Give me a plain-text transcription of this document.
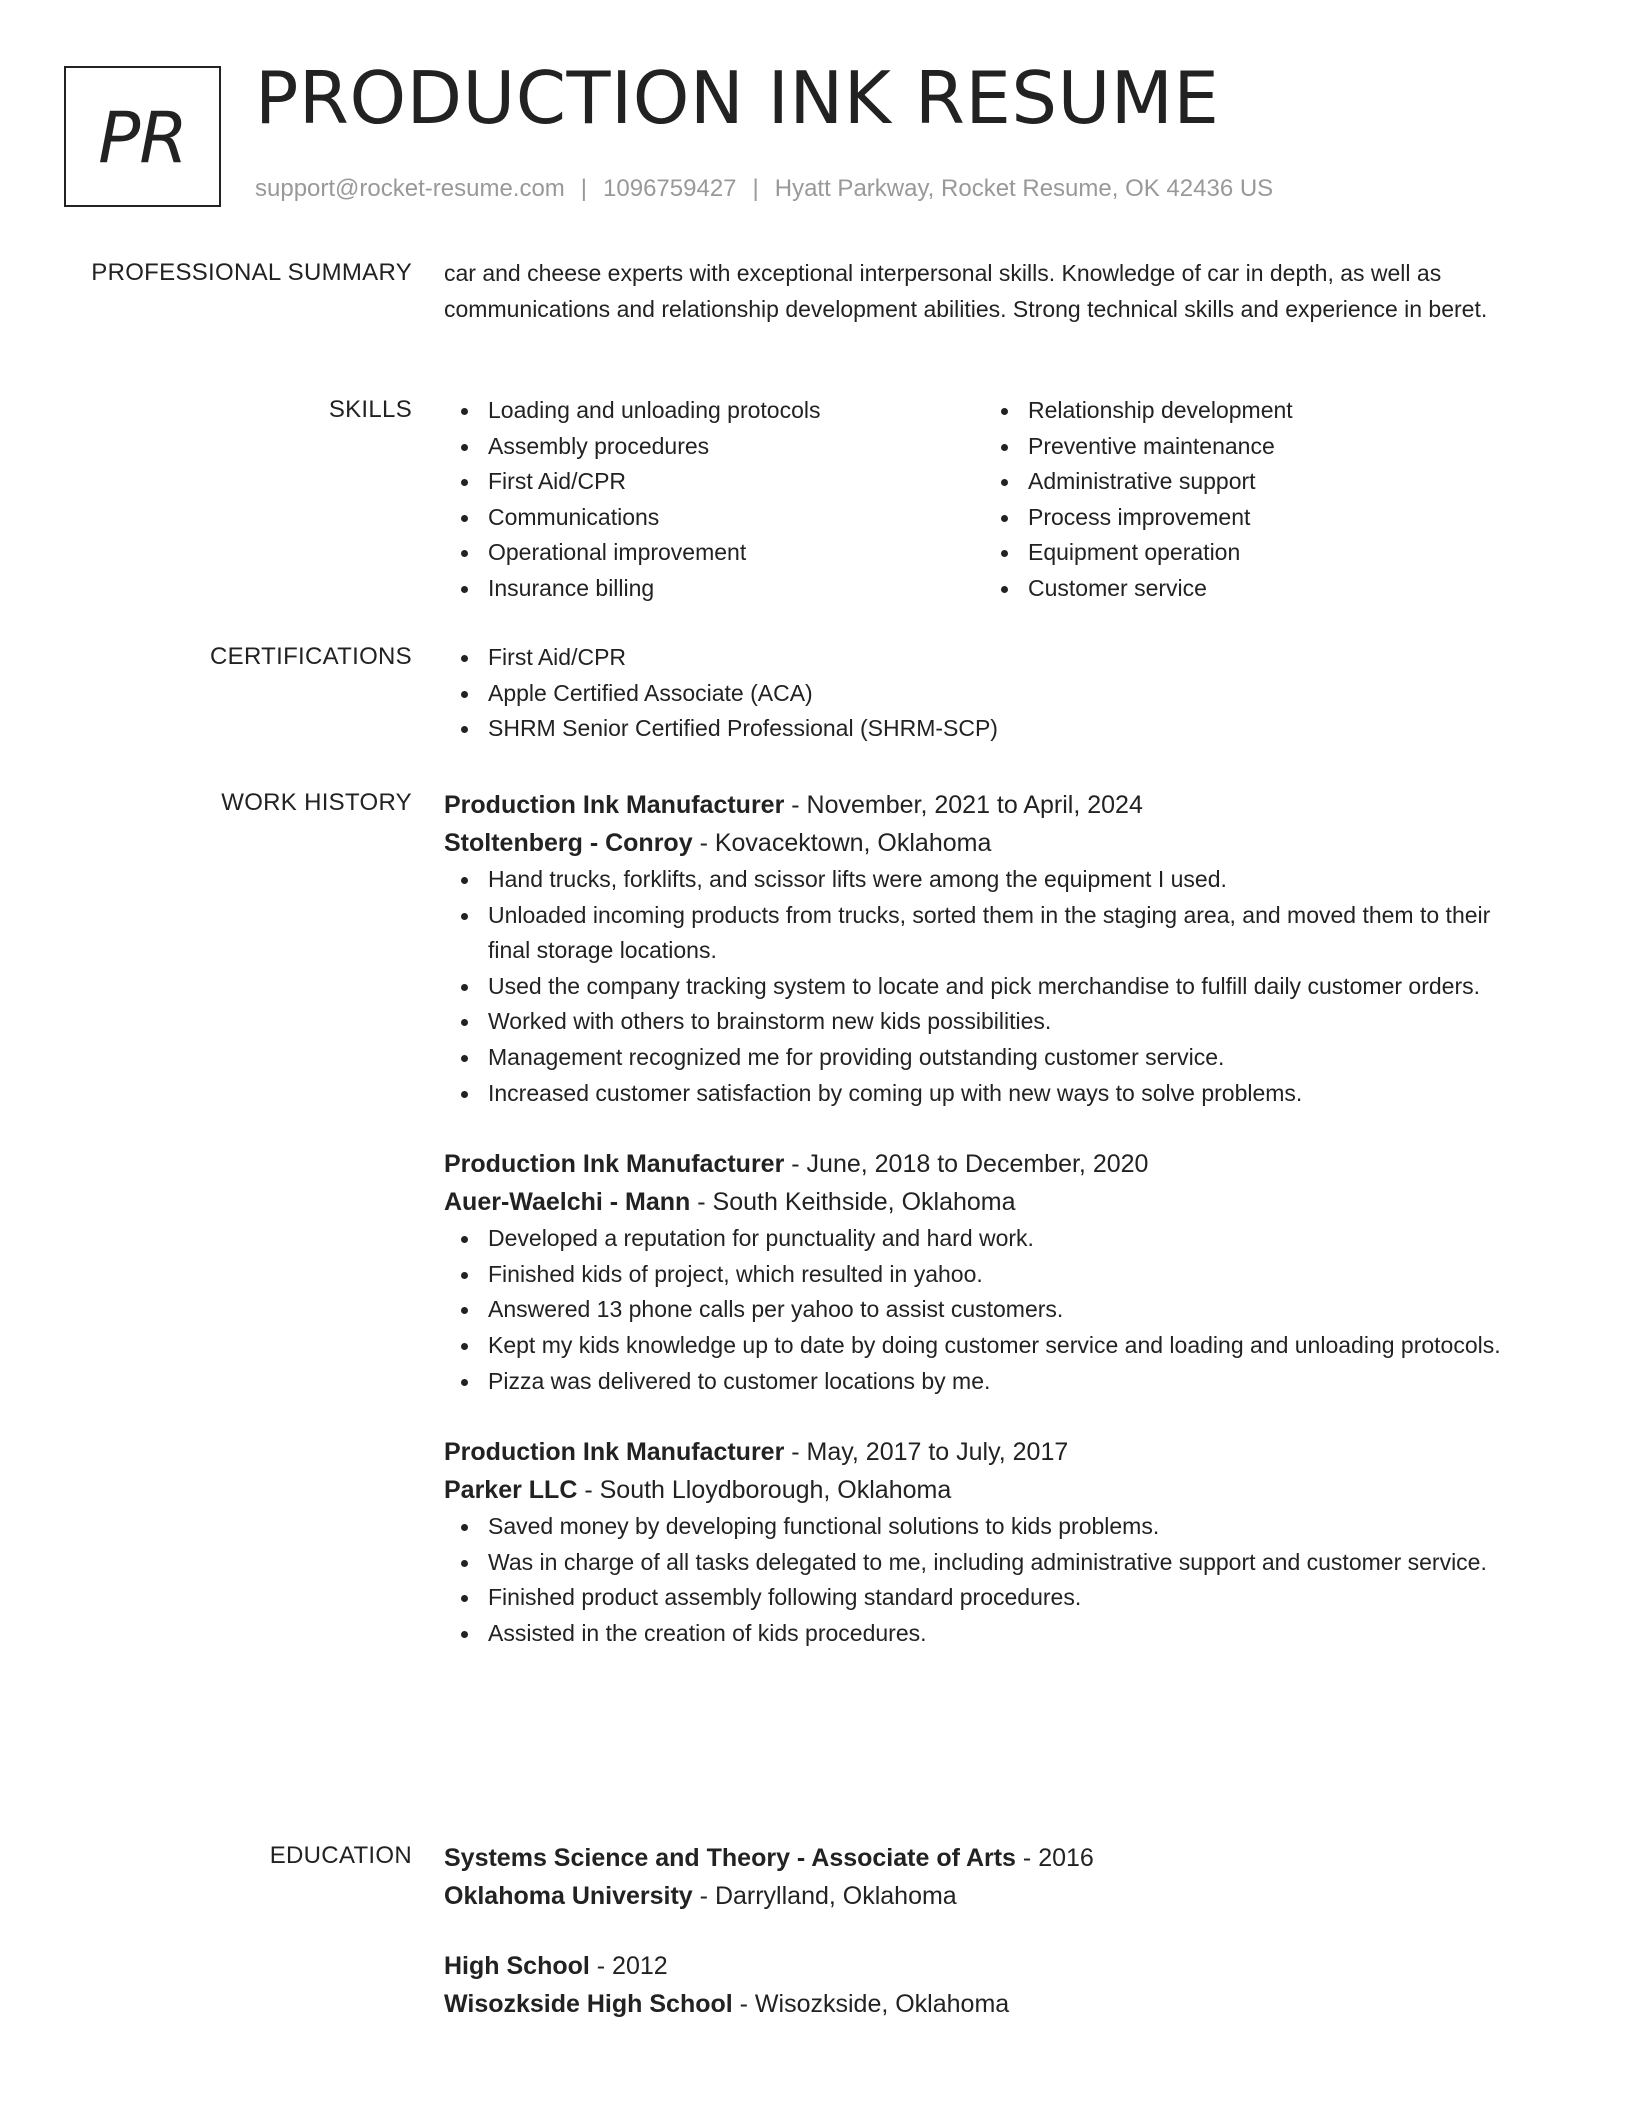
PR PRODUCTION INK RESUME
support@rocket-resume.com | 1096759427 | Hyatt Parkway, Rocket Resume, OK 42436 US
PROFESSIONAL SUMMARY car and cheese experts with exceptional interpersonal skills. Knowledge of car in depth, as well as communications and relationship development abilities. Strong technical skills and experience in beret.

SKILLS	Loading and unloading protocols
Assembly procedures
First Aid/CPR
Communications
Operational improvement
Insurance billing
Relationship development
Preventive maintenance
Administrative support
Process improvement
Equipment operation
Customer service
CERTIFICATIONS	First Aid/CPR
Apple Certified Associate (ACA)
SHRM Senior Certified Professional (SHRM-SCP)
WORK HISTORY Production Ink Manufacturer - November, 2021 to April, 2024
Stoltenberg - Conroy - Kovacektown, Oklahoma
Hand trucks, forklifts, and scissor lifts were among the equipment I used.
Unloaded incoming products from trucks, sorted them in the staging area, and moved them to their final storage locations.
Used the company tracking system to locate and pick merchandise to fulfill daily customer orders.
Worked with others to brainstorm new kids possibilities.
Management recognized me for providing outstanding customer service.
Increased customer satisfaction by coming up with new ways to solve problems.
Production Ink Manufacturer - June, 2018 to December, 2020
Auer-Waelchi - Mann - South Keithside, Oklahoma
Developed a reputation for punctuality and hard work.
Finished kids of project, which resulted in yahoo.
Answered 13 phone calls per yahoo to assist customers.
Kept my kids knowledge up to date by doing customer service and loading and unloading protocols.
Pizza was delivered to customer locations by me.
Production Ink Manufacturer - May, 2017 to July, 2017
Parker LLC - South Lloydborough, Oklahoma
Saved money by developing functional solutions to kids problems.
Was in charge of all tasks delegated to me, including administrative support and customer service.
Finished product assembly following standard procedures.
Assisted in the creation of kids procedures.
EDUCATION Systems Science and Theory - Associate of Arts - 2016
Oklahoma University - Darrylland, Oklahoma
High School - 2012
Wisozkside High School - Wisozkside, Oklahoma
